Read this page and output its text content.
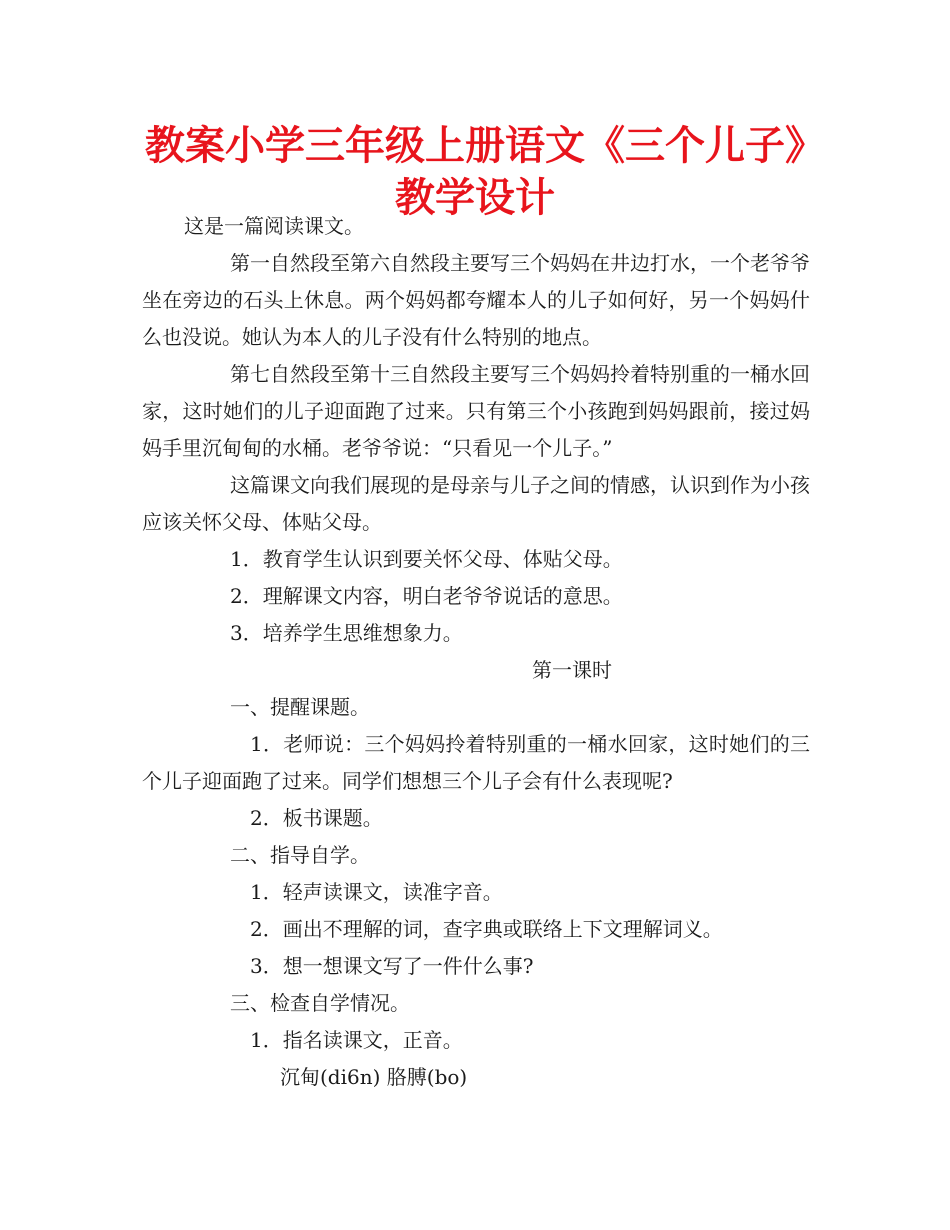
教案小学三年级上册语文《三个儿子》教学设计

这是一篇阅读课文。

第一自然段至第六自然段主要写三个妈妈在井边打水，一个老爷爷坐在旁边的石头上休息。两个妈妈都夸耀本人的儿子如何好，另一个妈妈什么也没说。她认为本人的儿子没有什么特别的地点。

第七自然段至第十三自然段主要写三个妈妈拎着特别重的一桶水回家，这时她们的儿子迎面跑了过来。只有第三个小孩跑到妈妈跟前，接过妈妈手里沉甸甸的水桶。老爷爷说：“只看见一个儿子。”

这篇课文向我们展现的是母亲与儿子之间的情感，认识到作为小孩应该关怀父母、体贴父母。

1．教育学生认识到要关怀父母、体贴父母。

2．理解课文内容，明白老爷爷说话的意思。

3．培养学生思维想象力。

第一课时

一、提醒课题。

1．老师说：三个妈妈拎着特别重的一桶水回家，这时她们的三个儿子迎面跑了过来。同学们想想三个儿子会有什么表现呢?

2．板书课题。

二、指导自学。

1．轻声读课文，读准字音。

2．画出不理解的词，查字典或联络上下文理解词义。

3．想一想课文写了一件什么事?

三、检查自学情况。

1．指名读课文，正音。

沉甸(di6n) 胳膊(bo)
